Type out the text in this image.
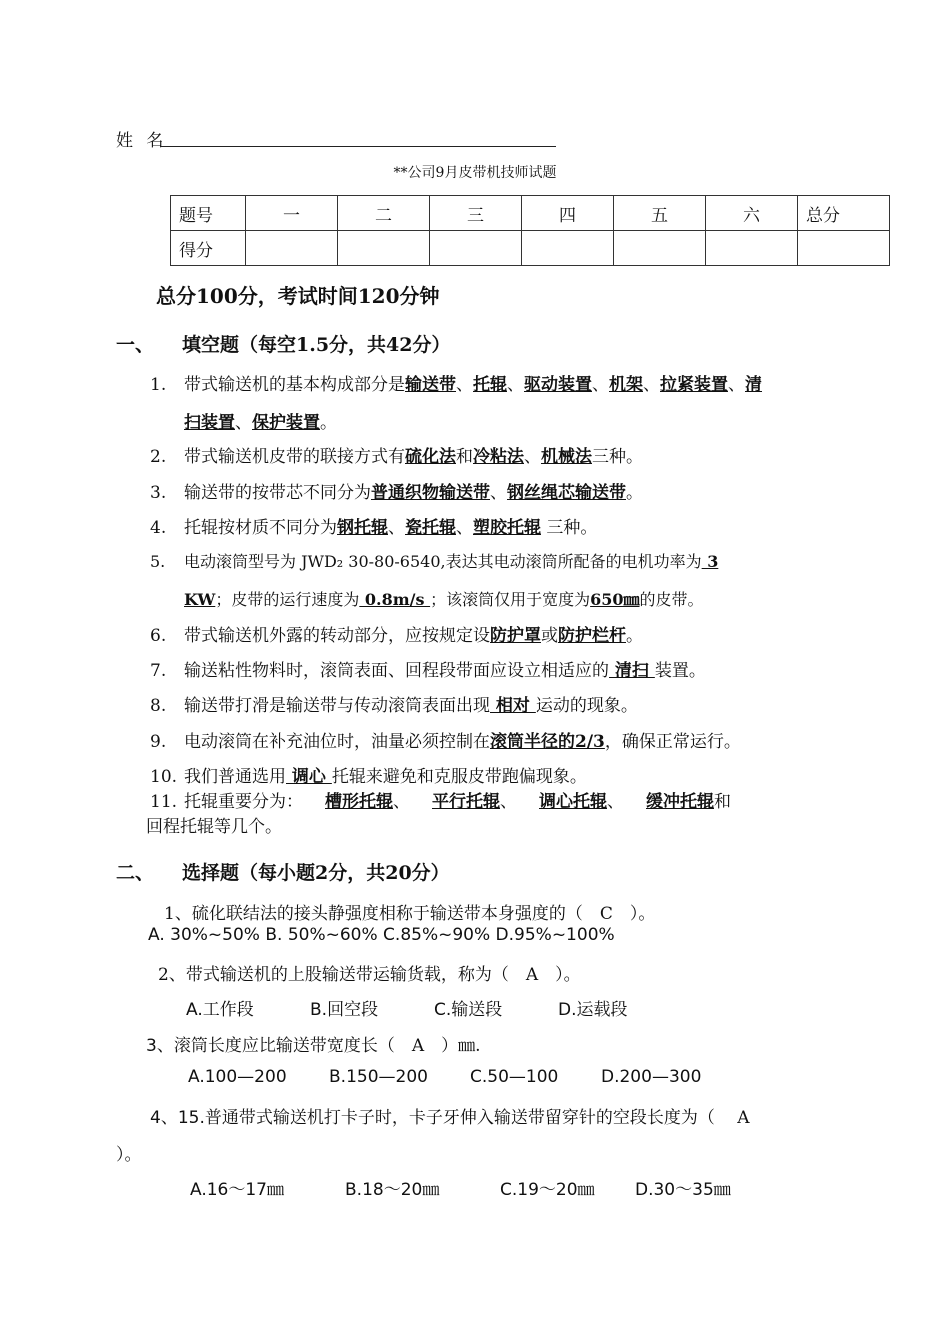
姓 名
**公司9月皮带机技师试题
题号	一	二	三	四	五	六	总分
得分							
总分100分，考试时间120分钟
一、 填空题（每空1.5分，共42分）
1. 带式输送机的基本构成部分是输送带、托辊、驱动装置、机架、拉紧装置、清
扫装置、保护装置。
2. 带式输送机皮带的联接方式有硫化法和冷粘法、机械法三种。
3. 输送带的按带芯不同分为普通织物输送带、钢丝绳芯输送带。
4. 托辊按材质不同分为钢托辊、瓷托辊、塑胶托辊 三种。
5. 电动滚筒型号为 JWD₂ 30-80-6540,表达其电动滚筒所配备的电机功率为 3
KW；皮带的运行速度为 0.8m/s ；该滚筒仅用于宽度为650㎜的皮带。
6. 带式输送机外露的转动部分，应按规定设防护罩或防护栏杆。
7. 输送粘性物料时，滚筒表面、回程段带面应设立相适应的 清扫 装置。
8. 输送带打滑是输送带与传动滚筒表面出现 相对 运动的现象。
9. 电动滚筒在补充油位时，油量必须控制在滚筒半径的2/3，确保正常运行。
10. 我们普通选用 调心 托辊来避免和克服皮带跑偏现象。
11. 托辊重要分为： 槽形托辊、 平行托辊、 调心托辊、 缓冲托辊和
回程托辊等几个。
二、 选择题（每小题2分，共20分）
1、硫化联结法的接头静强度相称于输送带本身强度的（　C　）。
A. 30%~50% B. 50%~60% C.85%~90% D.95%~100%
2、带式输送机的上股输送带运输货载，称为（　A　）。
A.工作段	B.回空段	C.输送段	D.运载段
3、滚筒长度应比输送带宽度长（　A　）㎜.
A.100—200 B.150—200 C.50—100	D.200—300
4、15.普通带式输送机打卡子时，卡子牙伸入输送带留穿针的空段长度为（　 A
）。
A.16～17㎜	B.18～20㎜	C.19～20㎜ D.30～35㎜
